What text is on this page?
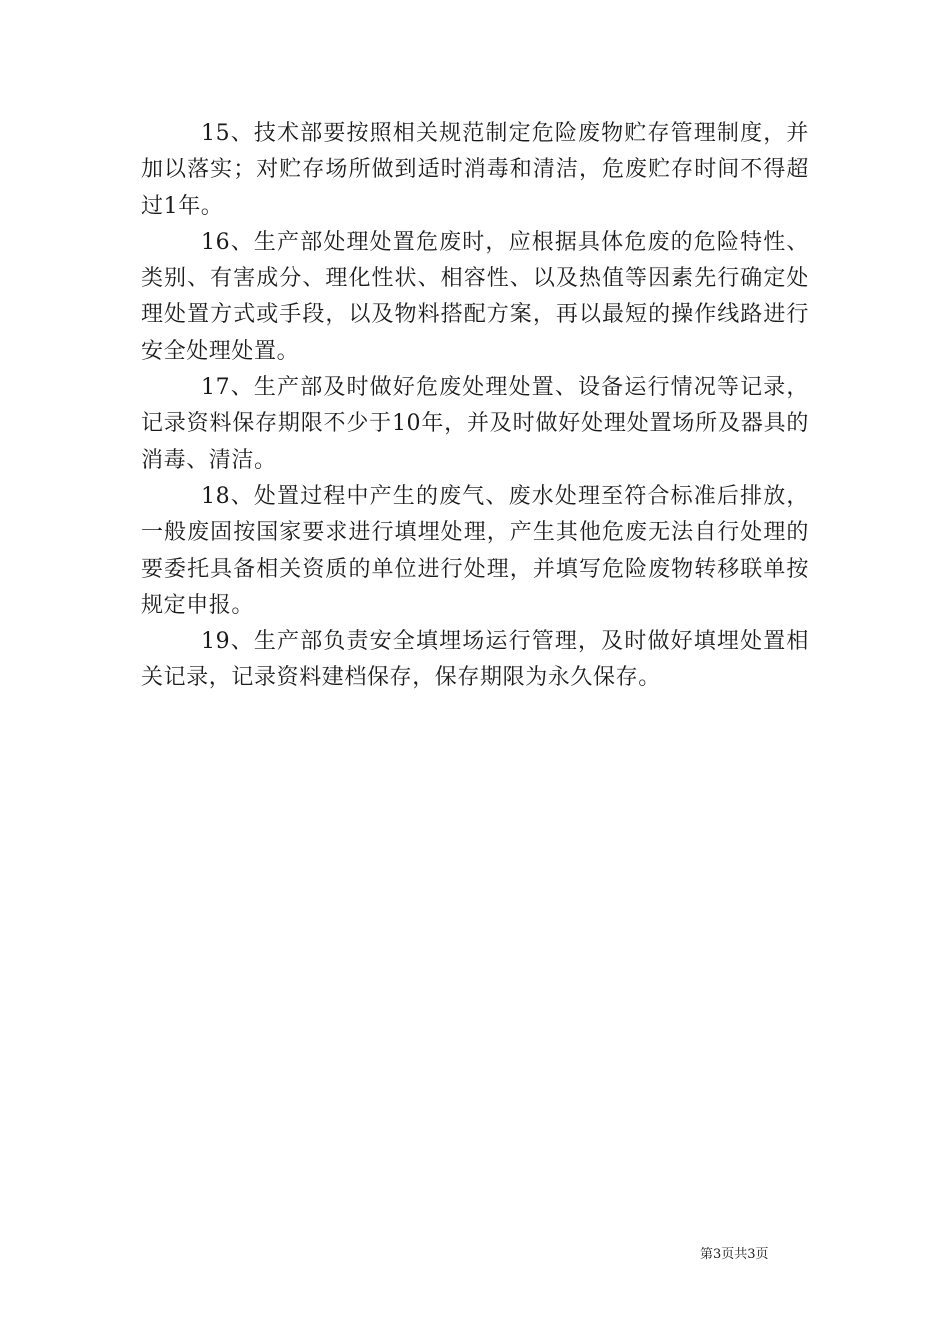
15、技术部要按照相关规范制定危险废物贮存管理制度，并加以落实；对贮存场所做到适时消毒和清洁，危废贮存时间不得超过1年。

16、生产部处理处置危废时，应根据具体危废的危险特性、类别、有害成分、理化性状、相容性、以及热值等因素先行确定处理处置方式或手段，以及物料搭配方案，再以最短的操作线路进行安全处理处置。

17、生产部及时做好危废处理处置、设备运行情况等记录，记录资料保存期限不少于10年，并及时做好处理处置场所及器具的消毒、清洁。

18、处置过程中产生的废气、废水处理至符合标准后排放，一般废固按国家要求进行填埋处理，产生其他危废无法自行处理的要委托具备相关资质的单位进行处理，并填写危险废物转移联单按规定申报。

19、生产部负责安全填埋场运行管理，及时做好填埋处置相关记录，记录资料建档保存，保存期限为永久保存。

第3页共3页
